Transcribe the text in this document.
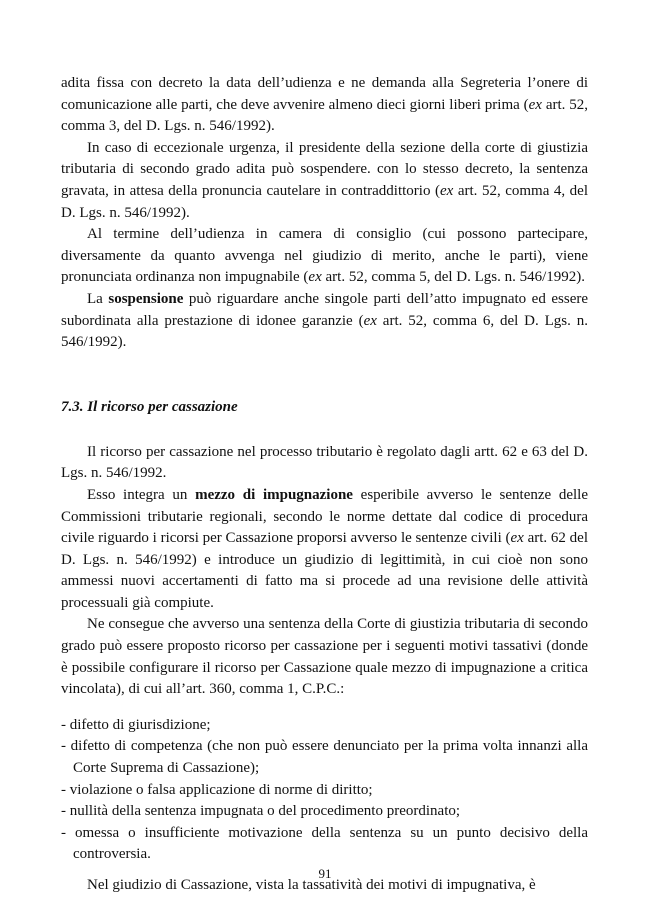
adita fissa con decreto la data dell’udienza e ne demanda alla Segreteria l’onere di comunicazione alle parti, che deve avvenire almeno dieci giorni liberi prima (ex art. 52, comma 3, del D. Lgs. n. 546/1992).

In caso di eccezionale urgenza, il presidente della sezione della corte di giustizia tributaria di secondo grado adita può sospendere. con lo stesso decreto, la sentenza gravata, in attesa della pronuncia cautelare in contraddittorio (ex art. 52, comma 4, del D. Lgs. n. 546/1992).

Al termine dell’udienza in camera di consiglio (cui possono partecipare, diversamente da quanto avvenga nel giudizio di merito, anche le parti), viene pronunciata ordinanza non impugnabile (ex art. 52, comma 5, del D. Lgs. n. 546/1992).

La sospensione può riguardare anche singole parti dell’atto impugnato ed essere subordinata alla prestazione di idonee garanzie (ex art. 52, comma 6, del D. Lgs. n. 546/1992).

7.3. Il ricorso per cassazione

Il ricorso per cassazione nel processo tributario è regolato dagli artt. 62 e 63 del D. Lgs. n. 546/1992.

Esso integra un mezzo di impugnazione esperibile avverso le sentenze delle Commissioni tributarie regionali, secondo le norme dettate dal codice di procedura civile riguardo i ricorsi per Cassazione proporsi avverso le sentenze civili (ex art. 62 del D. Lgs. n. 546/1992) e introduce un giudizio di legittimità, in cui cioè non sono ammessi nuovi accertamenti di fatto ma si procede ad una revisione delle attività processuali già compiute.

Ne consegue che avverso una sentenza della Corte di giustizia tributaria di secondo grado può essere proposto ricorso per cassazione per i seguenti motivi tassativi (donde è possibile configurare il ricorso per Cassazione quale mezzo di impugnazione a critica vincolata), di cui all’art. 360, comma 1, C.P.C.:

- difetto di giurisdizione;

- difetto di competenza (che non può essere denunciato per la prima volta innanzi alla Corte Suprema di Cassazione);

- violazione o falsa applicazione di norme di diritto;

- nullità della sentenza impugnata o del procedimento preordinato;

- omessa o insufficiente motivazione della sentenza su un punto decisivo della controversia.

Nel giudizio di Cassazione, vista la tassatività dei motivi di impugnativa, è

91
